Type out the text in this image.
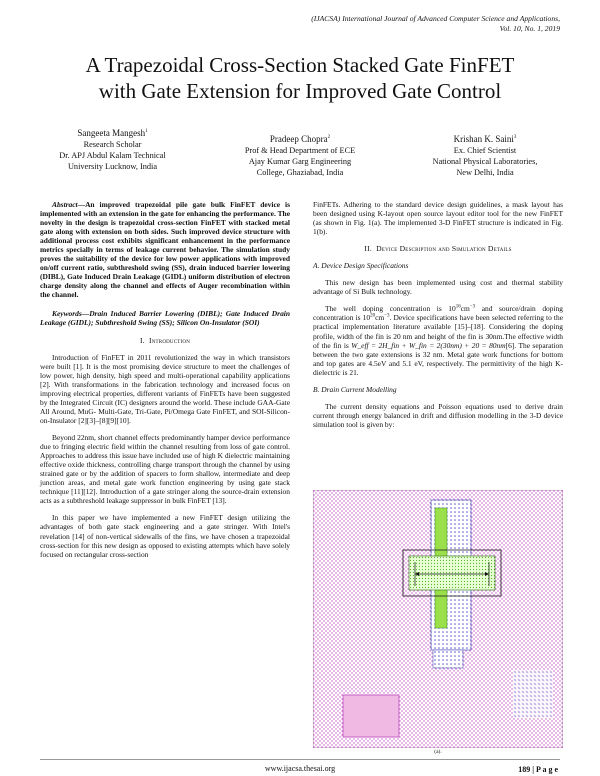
(IJACSA) International Journal of Advanced Computer Science and Applications,
Vol. 10, No. 1, 2019
A Trapezoidal Cross-Section Stacked Gate FinFET
with Gate Extension for Improved Gate Control
Sangeeta Mangesh$^1$
Research Scholar
Dr. APJ Abdul Kalam Technical
University Lucknow, India
Pradeep Chopra$^2$
Prof & Head Department of ECE
Ajay Kumar Garg Engineering
College, Ghaziabad, India
Krishan K. Saini$^3$
Ex. Chief Scientist
National Physical Laboratories,
New Delhi, India
Abstract—An improved trapezoidal pile gate bulk FinFET device is implemented with an extension in the gate for enhancing the performance. The novelty in the design is trapezoidal cross-section FinFET with stacked metal gate along with extension on both sides. Such improved device structure with additional process cost exhibits significant enhancement in the performance metrics specially in terms of leakage current behavior. The simulation study proves the suitability of the device for low power applications with improved on/off current ratio, subthreshold swing (SS), drain induced barrier lowering (DIBL), Gate Induced Drain Leakage (GIDL) uniform distribution of electron charge density along the channel and effects of Auger recombination within the channel.
Keywords—Drain Induced Barrier Lowering (DIBL); Gate Induced Drain Leakage (GIDL); Subthreshold Swing (SS); Silicon On-Insulator (SOI)
I. Introduction

Introduction of FinFET in 2011 revolutionized the way in which transistors were built [1]. It is the most promising device structure to meet the challenges of low power, high density, high speed and multi-operational capability applications [2]. With transformations in the fabrication technology and increased focus on improving electrical properties, different variants of FinFETs have been suggested by the Integrated Circuit (IC) designers around the world. These include GAA-Gate All Around, MuG- Multi-Gate, Tri-Gate, Pi/Omega Gate FinFET, and SOI-Silicon-on-Insulator [2][3]–[8][9][10].

Beyond 22nm, short channel effects predominantly hamper device performance due to fringing electric field within the channel resulting from loss of gate control. Approaches to address this issue have included use of high K dielectric maintaining effective oxide thickness, controlling charge transport through the channel by using strained gate or by the addition of spacers to form shallow, intermediate and deep junction areas, and metal gate work function engineering by using gate stack technique [11][12]. Introduction of a gate stringer along the source-drain extension acts as a subthreshold leakage suppressor in bulk FinFET [13].

In this paper we have implemented a new FinFET design utilizing the advantages of both gate stack engineering and a gate stringer. With Intel's revelation [14] of non-vertical sidewalls of the fins, we have chosen a trapezoidal cross-section for this new design as opposed to existing attempts which have solely focused on rectangular cross-section

FinFETs. Adhering to the standard device design guidelines, a mask layout has been designed using K-layout open source layout editor tool for the new FinFET (as shown in Fig. 1(a). The implemented 3-D FinFET structure is indicated in Fig. 1(b).

II. Device Description and Simulation Details
A. Device Design Specifications

This new design has been implemented using cost and thermal stability advantage of Si Bulk technology.

The well doping concentration is $10^{16}cm^{-3}$ and source/drain doping concentration is $10^{20}cm^{-3}$. Device specifications have been selected referring to the practical implementation literature available [15]–[18]. Considering the doping profile, width of the fin is 20 nm and height of the fin is 30nm.The effective width of the fin is W_eff = 2H_fin + W_fin = 2(30nm) + 20 = 80nm[6]. The separation between the two gate extensions is 32 nm. Metal gate work functions for bottom and top gates are 4.5eV and 5.1 eV, respectively. The permittivity of the high K-dielectric is 21.

B. Drain Current Modelling

The current density equations and Poisson equations used to derive drain current through energy balanced in drift and diffusion modelling in the 3-D device simulation tool is given by:

(a).
189 | P a g e
www.ijacsa.thesai.org
